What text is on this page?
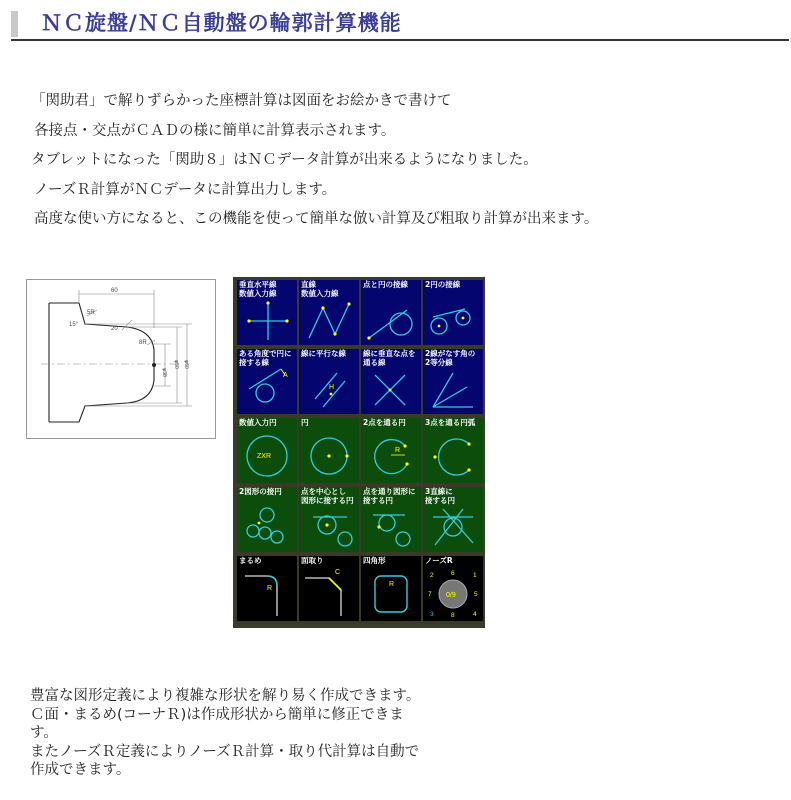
ＮＣ旋盤/ＮＣ自動盤の輪郭計算機能
「関助君」で解りずらかった座標計算は図面をお絵かきで書けて
各接点・交点がＣＡＤの様に簡単に計算表示されます。
タブレットになった「関助８」はＮＣデータ計算が出来るようになりました。
ノーズＲ計算がＮＣデータに計算出力します。
高度な使い方になると、この機能を使って簡単な倣い計算及び粗取り計算が出来ます。
60
5R
15°
20
8R
φ38
φ50 φ60
垂直水平線
数値入力線
直線
数値入力線
点と円の接線	2円の接線
ある角度で円に
接する線
A
線に平行な線
H
線に垂直な点を
通る線
2線がなす角の
2等分線
数値入力円
ZXR
円	2点を通る円
R
3点を通る円弧
2図形の接円	点を中心とし
図形に接する円
点を通り図形に
接する円
3直線に
接する円
まるめ
R
面取り
C
四角形
R
ノーズR
0/9
2	6	1
7	5
3	8	4
豊富な図形定義により複雑な形状を解り易く作成できます。
Ｃ面・まるめ(コーナＲ)は作成形状から簡単に修正できま
す。
またノーズＲ定義によりノーズＲ計算・取り代計算は自動で
作成できます。
